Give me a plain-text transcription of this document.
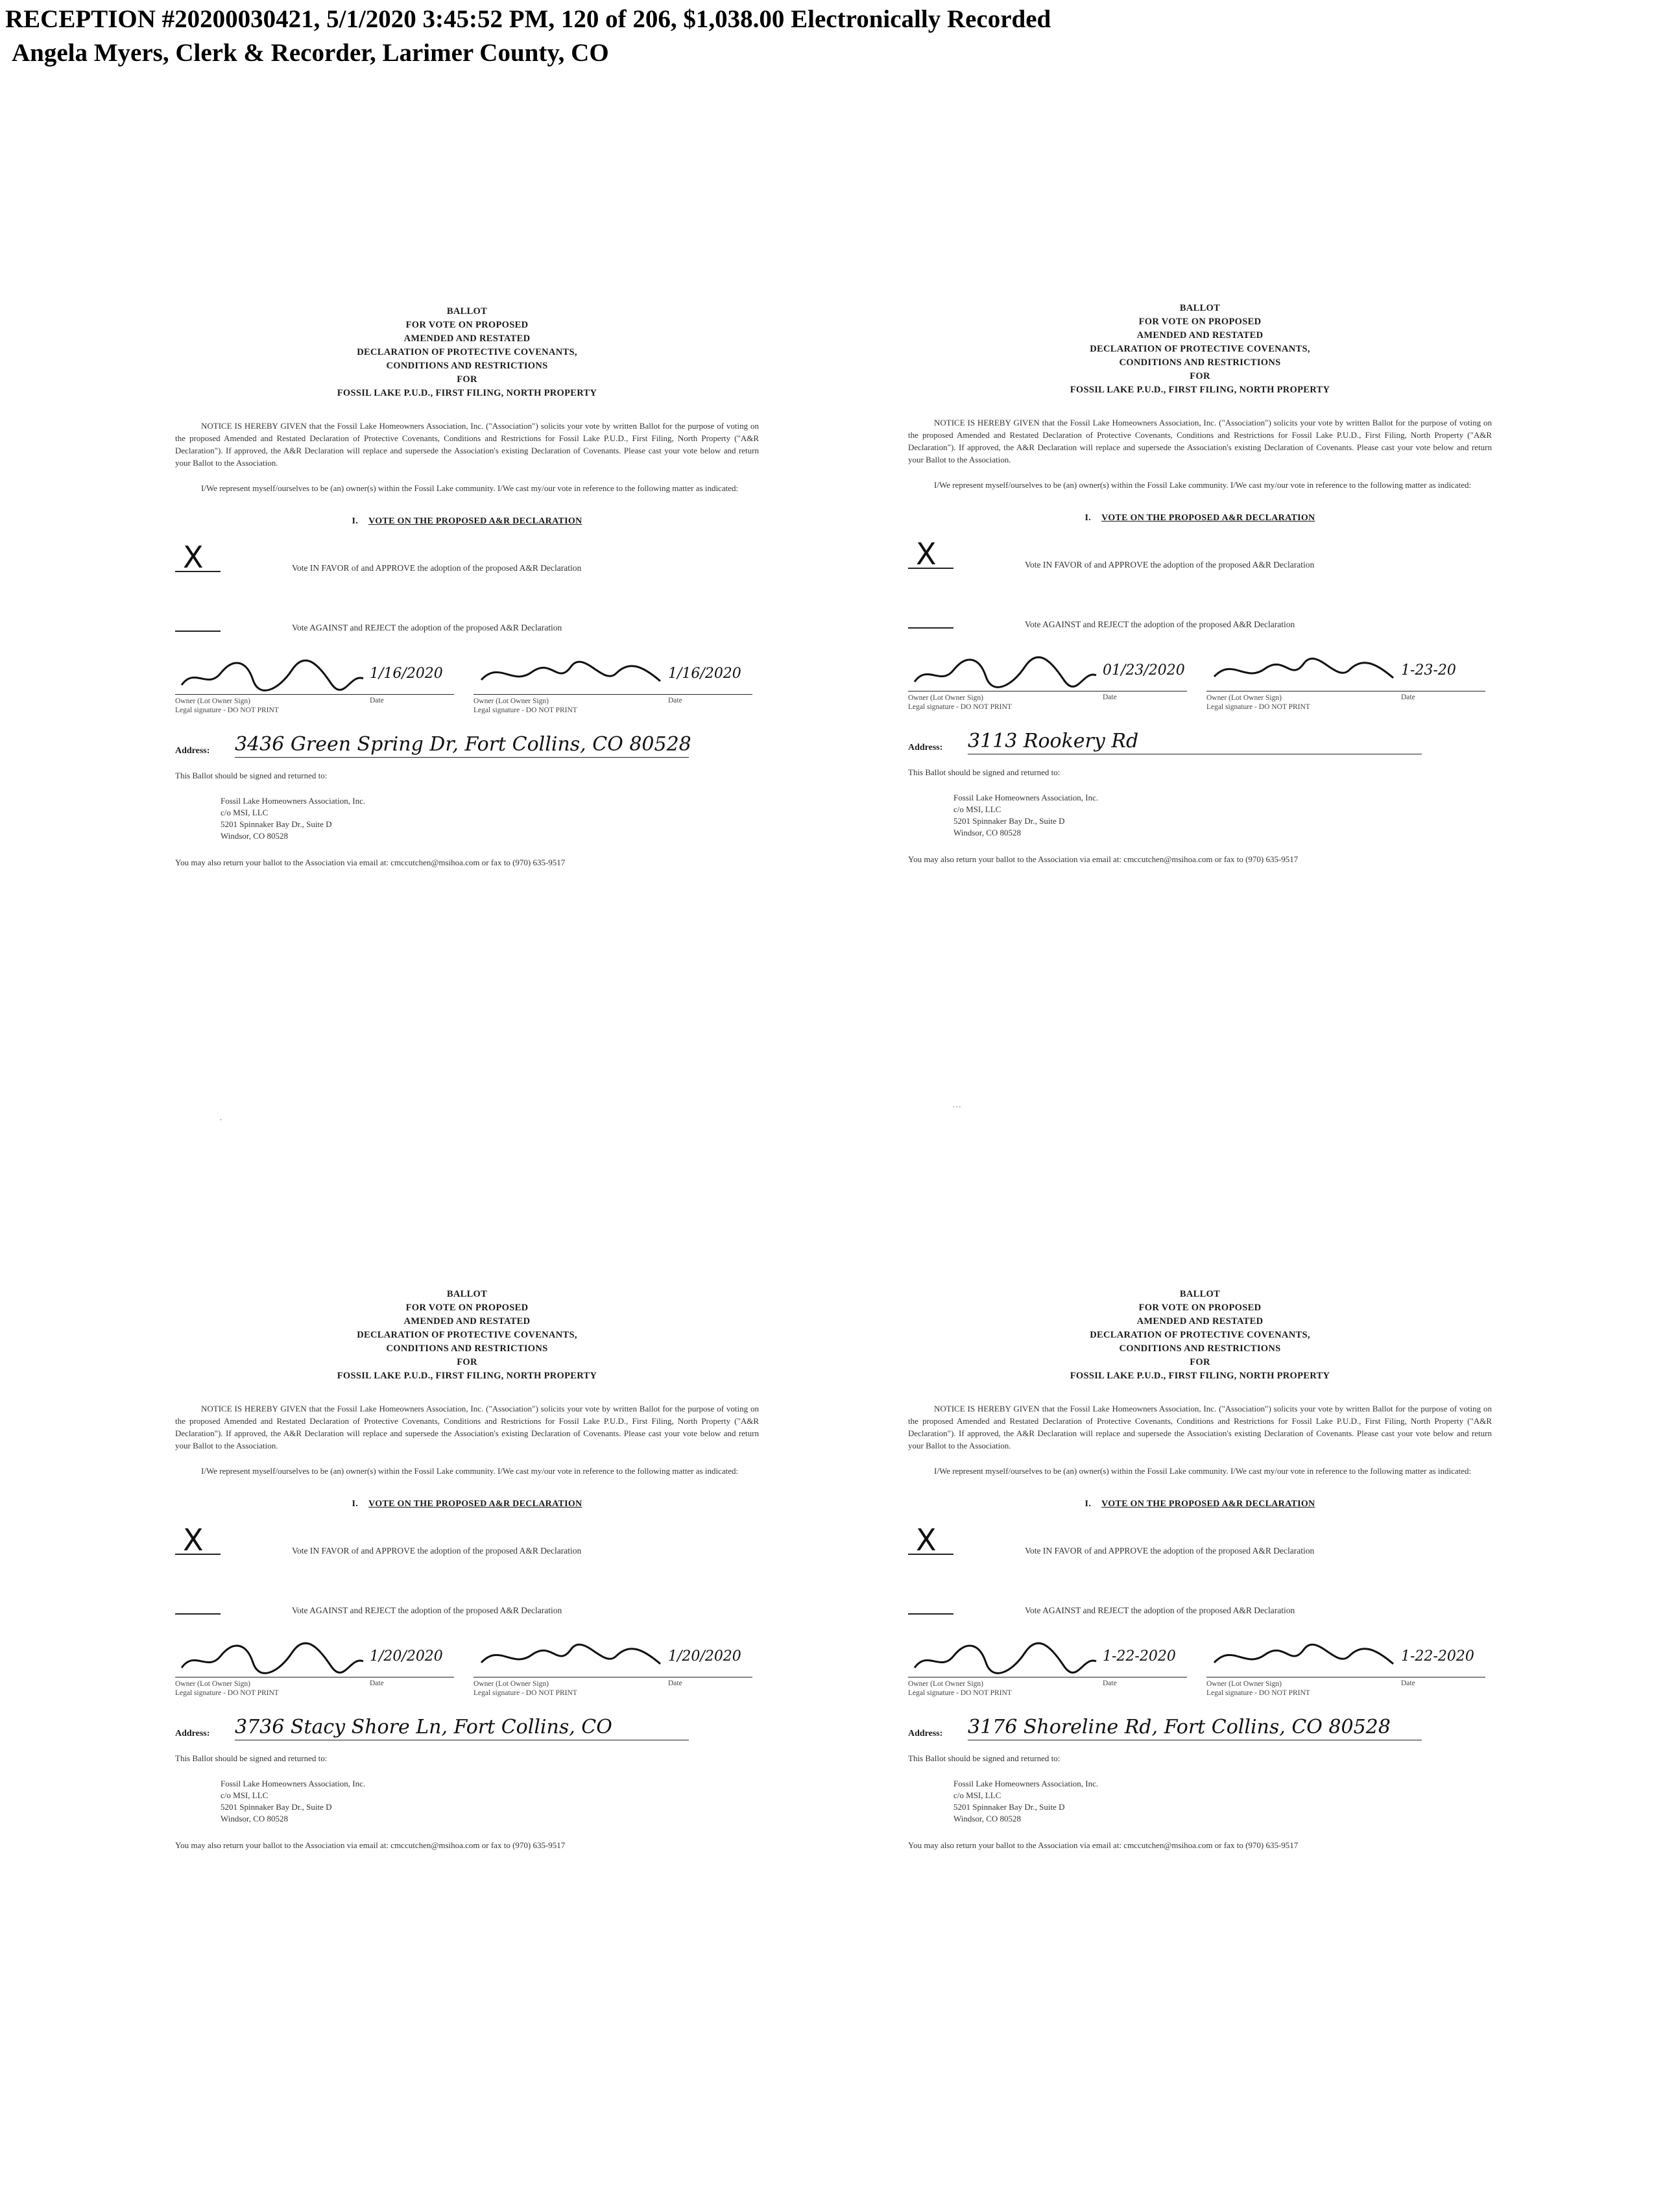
RECEPTION #20200030421, 5/1/2020 3:45:52 PM, 120 of 206, $1,038.00 Electronically Recorded
Angela Myers, Clerk & Recorder, Larimer County, CO
BALLOT
FOR VOTE ON PROPOSED
AMENDED AND RESTATED
DECLARATION OF PROTECTIVE COVENANTS,
CONDITIONS AND RESTRICTIONS
FOR
FOSSIL LAKE P.U.D., FIRST FILING, NORTH PROPERTY
NOTICE IS HEREBY GIVEN that the Fossil Lake Homeowners Association, Inc. ("Association") solicits your vote by written Ballot for the purpose of voting on the proposed Amended and Restated Declaration of Protective Covenants, Conditions and Restrictions for Fossil Lake P.U.D., First Filing, North Property ("A&R Declaration"). If approved, the A&R Declaration will replace and supersede the Association's existing Declaration of Covenants. Please cast your vote below and return your Ballot to the Association.
I/We represent myself/ourselves to be (an) owner(s) within the Fossil Lake community. I/We cast my/our vote in reference to the following matter as indicated:
I. VOTE ON THE PROPOSED A&R DECLARATION
X	Vote IN FAVOR of and APPROVE the adoption of the proposed A&R Declaration
Vote AGAINST and REJECT the adoption of the proposed A&R Declaration
1/16/2020
Owner (Lot Owner Sign)
Legal signature - DO NOT PRINT
Date
1/16/2020
Owner (Lot Owner Sign)
Legal signature - DO NOT PRINT
Date
Address: 3436 Green Spring Dr, Fort Collins, CO 80528
This Ballot should be signed and returned to:
Fossil Lake Homeowners Association, Inc.
c/o MSI, LLC
5201 Spinnaker Bay Dr., Suite D
Windsor, CO 80528
You may also return your ballot to the Association via email at: cmccutchen@msihoa.com or fax to (970) 635-9517
BALLOT
FOR VOTE ON PROPOSED
AMENDED AND RESTATED
DECLARATION OF PROTECTIVE COVENANTS,
CONDITIONS AND RESTRICTIONS
FOR
FOSSIL LAKE P.U.D., FIRST FILING, NORTH PROPERTY
NOTICE IS HEREBY GIVEN that the Fossil Lake Homeowners Association, Inc. ("Association") solicits your vote by written Ballot for the purpose of voting on the proposed Amended and Restated Declaration of Protective Covenants, Conditions and Restrictions for Fossil Lake P.U.D., First Filing, North Property ("A&R Declaration"). If approved, the A&R Declaration will replace and supersede the Association's existing Declaration of Covenants. Please cast your vote below and return your Ballot to the Association.
I/We represent myself/ourselves to be (an) owner(s) within the Fossil Lake community. I/We cast my/our vote in reference to the following matter as indicated:
I. VOTE ON THE PROPOSED A&R DECLARATION
X	Vote IN FAVOR of and APPROVE the adoption of the proposed A&R Declaration
Vote AGAINST and REJECT the adoption of the proposed A&R Declaration
01/23/2020
Owner (Lot Owner Sign)
Legal signature - DO NOT PRINT
Date
1-23-20
Owner (Lot Owner Sign)
Legal signature - DO NOT PRINT
Date
Address: 3113 Rookery Rd
This Ballot should be signed and returned to:
Fossil Lake Homeowners Association, Inc.
c/o MSI, LLC
5201 Spinnaker Bay Dr., Suite D
Windsor, CO 80528
You may also return your ballot to the Association via email at: cmccutchen@msihoa.com or fax to (970) 635-9517
BALLOT
FOR VOTE ON PROPOSED
AMENDED AND RESTATED
DECLARATION OF PROTECTIVE COVENANTS,
CONDITIONS AND RESTRICTIONS
FOR
FOSSIL LAKE P.U.D., FIRST FILING, NORTH PROPERTY
NOTICE IS HEREBY GIVEN that the Fossil Lake Homeowners Association, Inc. ("Association") solicits your vote by written Ballot for the purpose of voting on the proposed Amended and Restated Declaration of Protective Covenants, Conditions and Restrictions for Fossil Lake P.U.D., First Filing, North Property ("A&R Declaration"). If approved, the A&R Declaration will replace and supersede the Association's existing Declaration of Covenants. Please cast your vote below and return your Ballot to the Association.
I/We represent myself/ourselves to be (an) owner(s) within the Fossil Lake community. I/We cast my/our vote in reference to the following matter as indicated:
I. VOTE ON THE PROPOSED A&R DECLARATION
X	Vote IN FAVOR of and APPROVE the adoption of the proposed A&R Declaration
Vote AGAINST and REJECT the adoption of the proposed A&R Declaration
1/20/2020
Owner (Lot Owner Sign)
Legal signature - DO NOT PRINT
Date
1/20/2020
Owner (Lot Owner Sign)
Legal signature - DO NOT PRINT
Date
Address: 3736 Stacy Shore Ln, Fort Collins, CO
This Ballot should be signed and returned to:
Fossil Lake Homeowners Association, Inc.
c/o MSI, LLC
5201 Spinnaker Bay Dr., Suite D
Windsor, CO 80528
You may also return your ballot to the Association via email at: cmccutchen@msihoa.com or fax to (970) 635-9517
BALLOT
FOR VOTE ON PROPOSED
AMENDED AND RESTATED
DECLARATION OF PROTECTIVE COVENANTS,
CONDITIONS AND RESTRICTIONS
FOR
FOSSIL LAKE P.U.D., FIRST FILING, NORTH PROPERTY
NOTICE IS HEREBY GIVEN that the Fossil Lake Homeowners Association, Inc. ("Association") solicits your vote by written Ballot for the purpose of voting on the proposed Amended and Restated Declaration of Protective Covenants, Conditions and Restrictions for Fossil Lake P.U.D., First Filing, North Property ("A&R Declaration"). If approved, the A&R Declaration will replace and supersede the Association's existing Declaration of Covenants. Please cast your vote below and return your Ballot to the Association.
I/We represent myself/ourselves to be (an) owner(s) within the Fossil Lake community. I/We cast my/our vote in reference to the following matter as indicated:
I. VOTE ON THE PROPOSED A&R DECLARATION
X	Vote IN FAVOR of and APPROVE the adoption of the proposed A&R Declaration
Vote AGAINST and REJECT the adoption of the proposed A&R Declaration
1-22-2020
Owner (Lot Owner Sign)
Legal signature - DO NOT PRINT
Date
1-22-2020
Owner (Lot Owner Sign)
Legal signature - DO NOT PRINT
Date
Address: 3176 Shoreline Rd, Fort Collins, CO 80528
This Ballot should be signed and returned to:
Fossil Lake Homeowners Association, Inc.
c/o MSI, LLC
5201 Spinnaker Bay Dr., Suite D
Windsor, CO 80528
You may also return your ballot to the Association via email at: cmccutchen@msihoa.com or fax to (970) 635-9517
·
···
